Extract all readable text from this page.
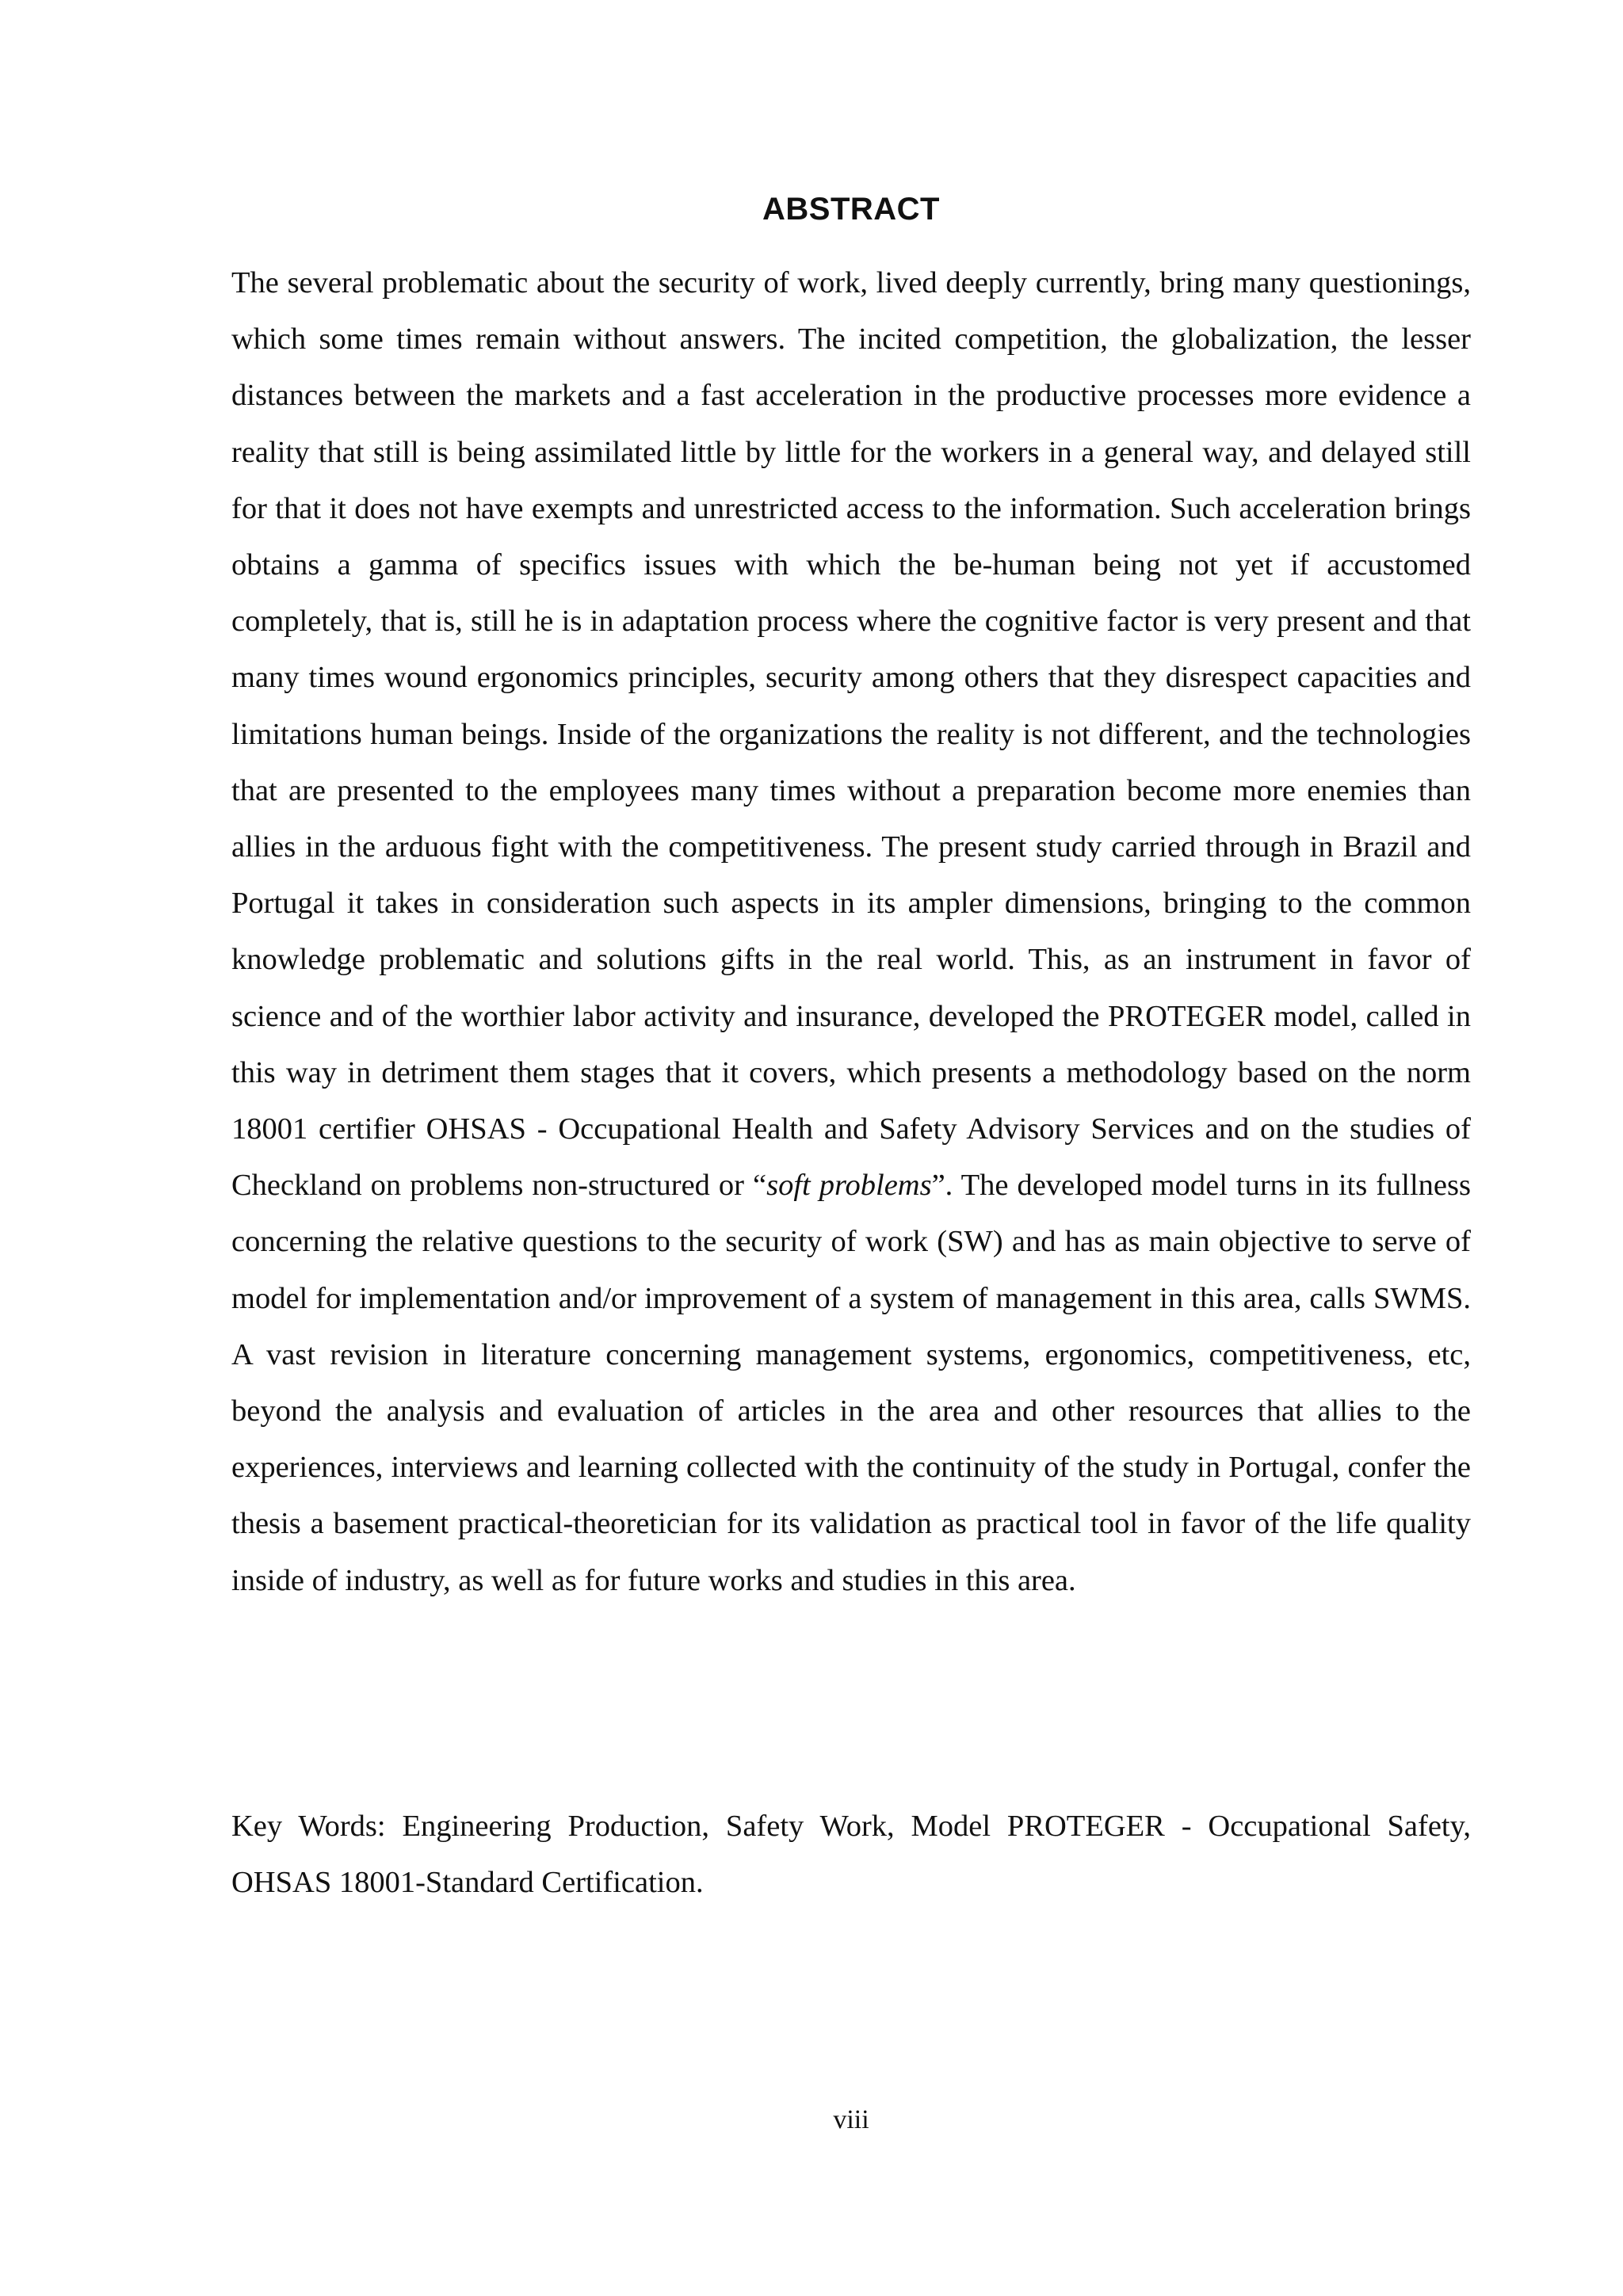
ABSTRACT

The several problematic about the security of work, lived deeply currently, bring many questionings, which some times remain without answers. The incited competition, the globalization, the lesser distances between the markets and a fast acceleration in the productive processes more evidence a reality that still is being assimilated little by little for the workers in a general way, and delayed still for that it does not have exempts and unrestricted access to the information. Such acceleration brings obtains a gamma of specifics issues with which the be-human being not yet if accustomed completely, that is, still he is in adaptation process where the cognitive factor is very present and that many times wound ergonomics principles, security among others that they disrespect capacities and limitations human beings. Inside of the organizations the reality is not different, and the technologies that are presented to the employees many times without a preparation become more enemies than allies in the arduous fight with the competitiveness. The present study carried through in Brazil and Portugal it takes in consideration such aspects in its ampler dimensions, bringing to the common knowledge problematic and solutions gifts in the real world. This, as an instrument in favor of science and of the worthier labor activity and insurance, developed the PROTEGER model, called in this way in detriment them stages that it covers, which presents a methodology based on the norm 18001 certifier OHSAS - Occupational Health and Safety Advisory Services and on the studies of Checkland on problems non-structured or “soft problems”. The developed model turns in its fullness concerning the relative questions to the security of work (SW) and has as main objective to serve of model for implementation and/or improvement of a system of management in this area, calls SWMS. A vast revision in literature concerning management systems, ergonomics, competitiveness, etc, beyond the analysis and evaluation of articles in the area and other resources that allies to the experiences, interviews and learning collected with the continuity of the study in Portugal, confer the thesis a basement practical-theoretician for its validation as practical tool in favor of the life quality inside of industry, as well as for future works and studies in this area.

Key Words: Engineering Production, Safety Work, Model PROTEGER - Occupational Safety, OHSAS 18001-Standard Certification.

viii
